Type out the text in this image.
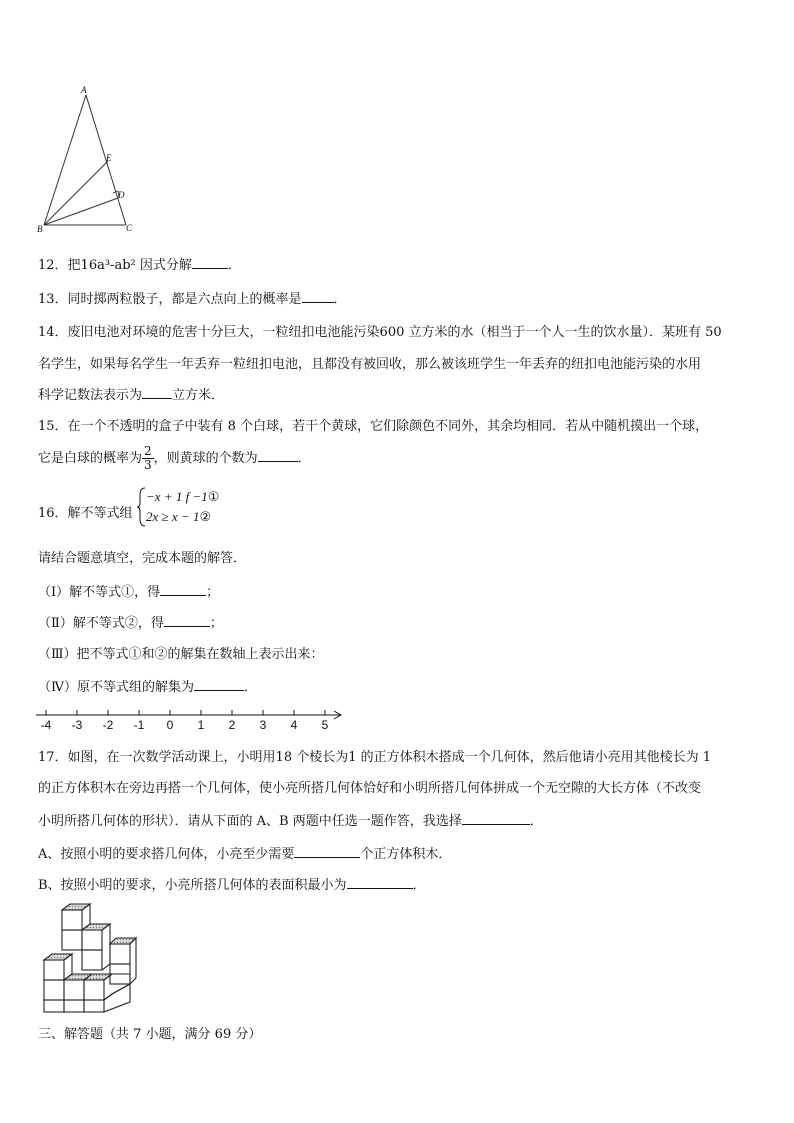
A
E
D
B	C
12．把16a³-ab² 因式分解	．
13．同时掷两粒骰子，都是六点向上的概率是 ．
14．废旧电池对环境的危害十分巨大，一粒纽扣电池能污染600 立方米的水（相当于一个人一生的饮水量）．某班有 50
名学生，如果每名学生一年丢弃一粒纽扣电池，且都没有被回收，那么被该班学生一年丢弃的纽扣电池能污染的水用
科学记数法表示为 立方米．
15．在一个不透明的盒子中装有 8 个白球，若干个黄球，它们除颜色不同外，其余均相同．若从中随机摸出一个球，
它是白球的概率为 $\frac{2}{3}$ ，则黄球的个数为	．
16．解不等式组
−x + 1 f −1①
2x ≥ x − 1②
请结合题意填空，完成本题的解答．
（Ⅰ）解不等式①，得	；
（Ⅱ）解不等式②，得	；
（Ⅲ）把不等式①和②的解集在数轴上表示出来：
（Ⅳ）原不等式组的解集为	．
-4 -3 -2 -1 0 1 2 3 4 5
17．如图，在一次数学活动课上，小明用18 个棱长为1 的正方体积木搭成一个几何体，然后他请小亮用其他棱长为 1
的正方体积木在旁边再搭一个几何体，使小亮所搭几何体恰好和小明所搭几何体拼成一个无空隙的大长方体（不改变
小明所搭几何体的形状）．请从下面的 A、B 两题中任选一题作答，我选择	．
A、按照小明的要求搭几何体，小亮至少需要	个正方体积木．
B、按照小明的要求，小亮所搭几何体的表面积最小为	．
三、解答题（共 7 小题，满分 69 分）
